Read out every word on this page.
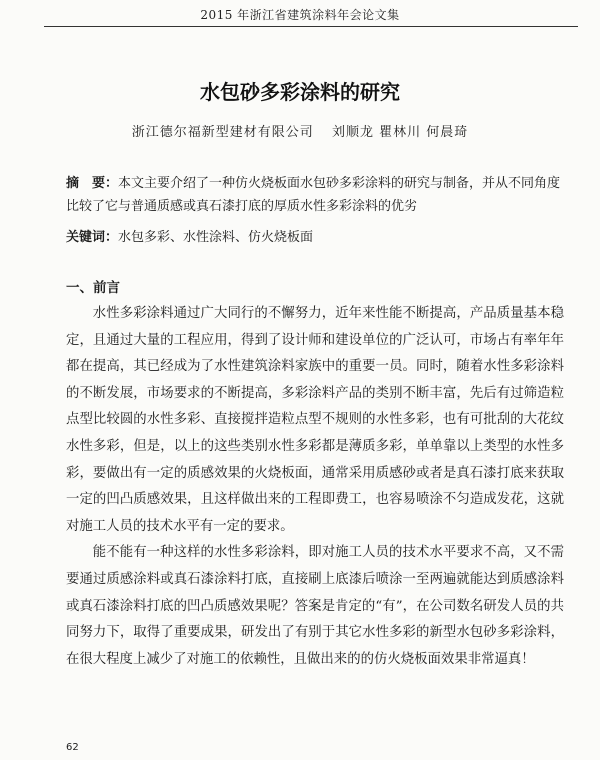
2015 年浙江省建筑涂料年会论文集
水包砂多彩涂料的研究
浙江德尔福新型建材有限公司 刘顺龙 瞿林川 何晨琦
摘　要：本文主要介绍了一种仿火烧板面水包砂多彩涂料的研究与制备，并从不同角度比较了它与普通质感或真石漆打底的厚质水性多彩涂料的优劣
关键词：水包多彩、水性涂料、仿火烧板面
一、前言

水性多彩涂料通过广大同行的不懈努力，近年来性能不断提高，产品质量基本稳定，且通过大量的工程应用，得到了设计师和建设单位的广泛认可，市场占有率年年都在提高，其已经成为了水性建筑涂料家族中的重要一员。同时，随着水性多彩涂料的不断发展，市场要求的不断提高，多彩涂料产品的类别不断丰富，先后有过筛造粒点型比较圆的水性多彩、直接搅拌造粒点型不规则的水性多彩，也有可批刮的大花纹水性多彩，但是，以上的这些类别水性多彩都是薄质多彩，单单靠以上类型的水性多彩，要做出有一定的质感效果的火烧板面，通常采用质感砂或者是真石漆打底来获取一定的凹凸质感效果，且这样做出来的工程即费工，也容易喷涂不匀造成发花，这就对施工人员的技术水平有一定的要求。

能不能有一种这样的水性多彩涂料，即对施工人员的技术水平要求不高，又不需要通过质感涂料或真石漆涂料打底，直接刷上底漆后喷涂一至两遍就能达到质感涂料或真石漆涂料打底的凹凸质感效果呢？答案是肯定的“有”，在公司数名研发人员的共同努力下，取得了重要成果，研发出了有别于其它水性多彩的新型水包砂多彩涂料，在很大程度上减少了对施工的依赖性，且做出来的的仿火烧板面效果非常逼真！

62
